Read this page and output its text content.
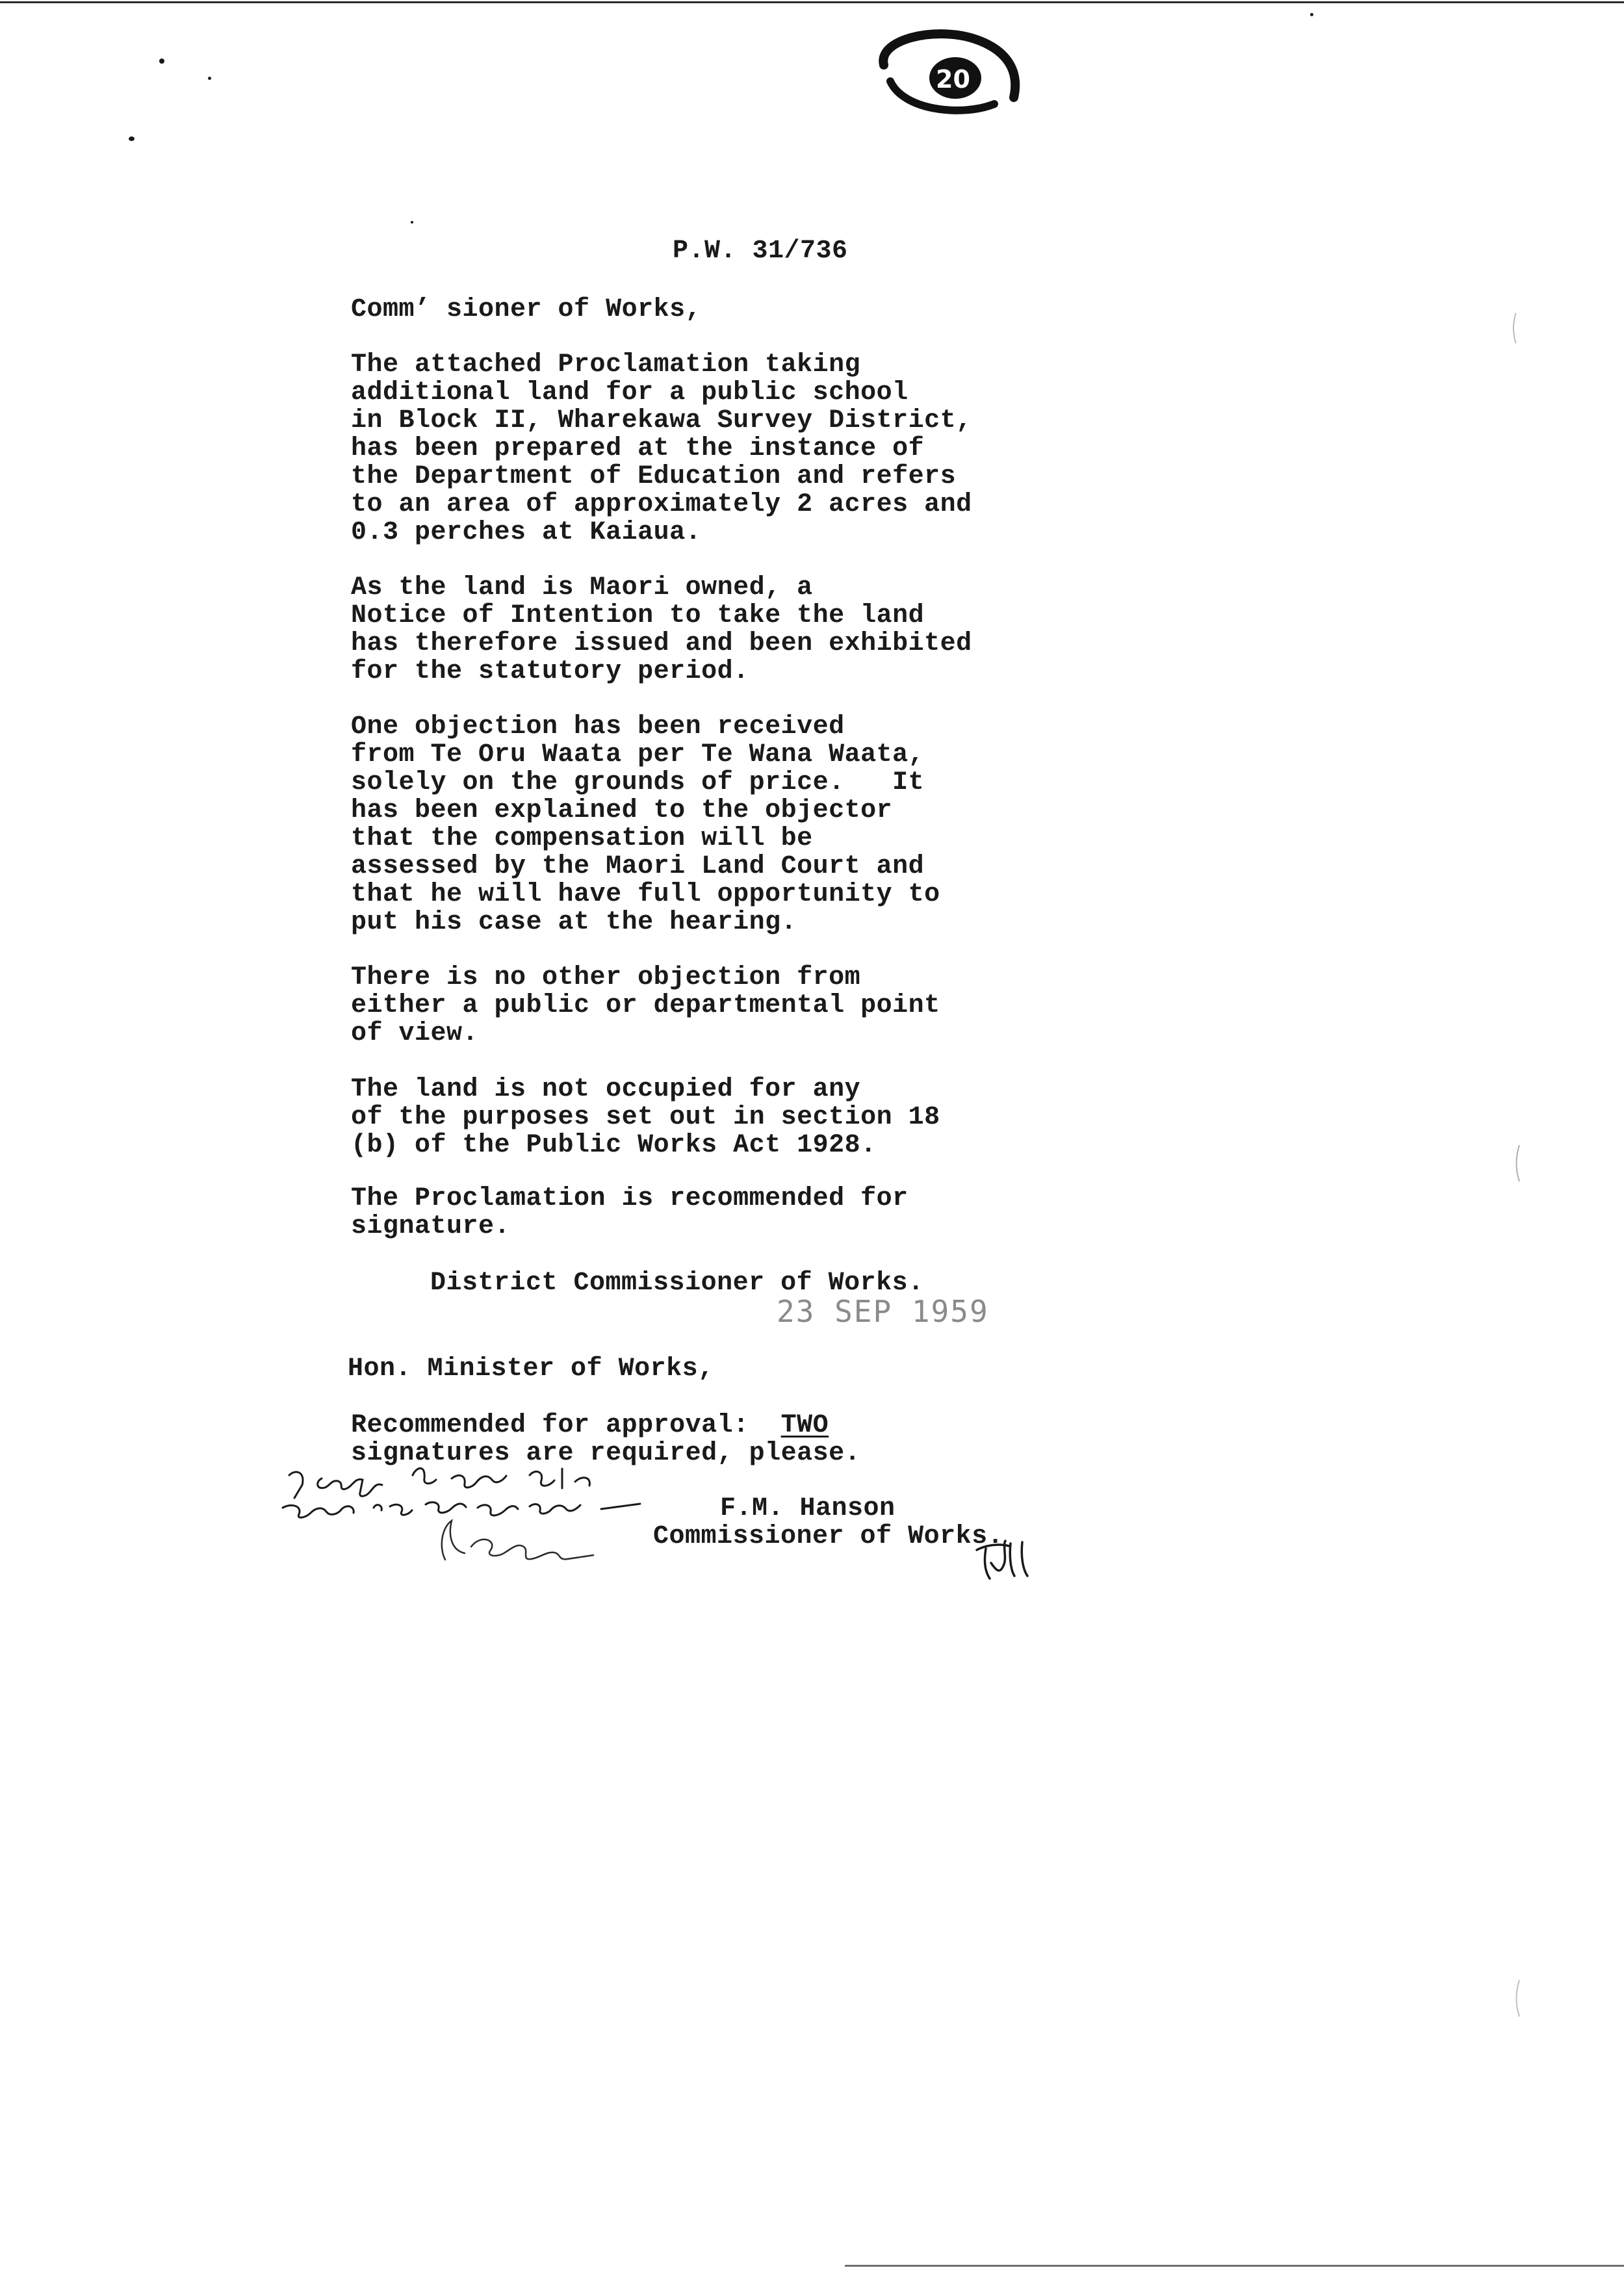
20
P.W. 31/736
Comm’ sioner of Works,
The attached Proclamation taking
additional land for a public school
in Block II, Wharekawa Survey District,
has been prepared at the instance of
the Department of Education and refers
to an area of approximately 2 acres and
0.3 perches at Kaiaua.
As the land is Maori owned, a
Notice of Intention to take the land
has therefore issued and been exhibited
for the statutory period.
One objection has been received
from Te Oru Waata per Te Wana Waata,
solely on the grounds of price.   It
has been explained to the objector
that the compensation will be
assessed by the Maori Land Court and
that he will have full opportunity to
put his case at the hearing.
There is no other objection from
either a public or departmental point
of view.
The land is not occupied for any
of the purposes set out in section 18
(b) of the Public Works Act 1928.
The Proclamation is recommended for
signature.
District Commissioner of Works.
23 SEP 1959
Hon. Minister of Works,
Recommended for approval:  TWO
signatures are required, please.
F.M. Hanson
Commissioner of Works.
